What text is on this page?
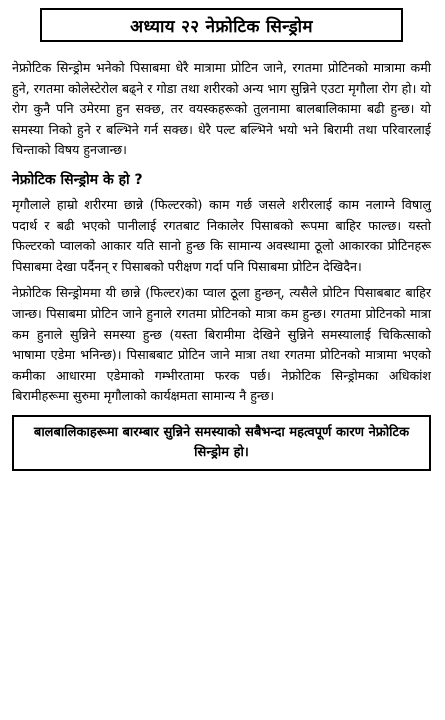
अध्याय २२ नेफ्रोटिक सिन्ड्रोम

नेफ्रोटिक सिन्ड्रोम भनेको पिसाबमा धेरै मात्रामा प्रोटिन जाने, रगतमा प्रोटिनको मात्रामा कमी हुने, रगतमा कोलेस्टेरोल बढ्ने र गोडा तथा शरीरको अन्य भाग सुन्निने एउटा मृगौला रोग हो। यो रोग कुनै पनि उमेरमा हुन सक्छ, तर वयस्कहरूको तुलनामा बालबालिकामा बढी हुन्छ। यो समस्या निको हुने र बल्भिने गर्न सक्छ। धेरै पल्ट बल्भिने भयो भने बिरामी तथा परिवारलाई चिन्ताको विषय हुनजान्छ।

नेफ्रोटिक सिन्ड्रोम के हो ?

मृगौलाले हाम्रो शरीरमा छान्ने (फिल्टरको) काम गर्छ जसले शरीरलाई काम नलाग्ने विषालु पदार्थ र बढी भएको पानीलाई रगतबाट निकालेर पिसाबको रूपमा बाहिर फाल्छ। यस्तो फिल्टरको प्वालको आकार यति सानो हुन्छ कि सामान्य अवस्थामा ठूलो आकारका प्रोटिनहरू पिसाबमा देखा पर्दैनन् र पिसाबको परीक्षण गर्दा पनि पिसाबमा प्रोटिन देखिदैन।

नेफ्रोटिक सिन्ड्रोममा यी छान्ने (फिल्टर)का प्वाल ठूला हुन्छन्, त्यसैले प्रोटिन पिसाबबाट बाहिर जान्छ। पिसाबमा प्रोटिन जाने हुनाले रगतमा प्रोटिनको मात्रा कम हुन्छ। रगतमा प्रोटिनको मात्रा कम हुनाले सुन्निने समस्या हुन्छ (यस्ता बिरामीमा देखिने सुन्निने समस्यालाई चिकित्साको भाषामा एडेमा भनिन्छ)। पिसाबबाट प्रोटिन जाने मात्रा तथा रगतमा प्रोटिनको मात्रामा भएको कमीका आधारमा एडेमाको गम्भीरतामा फरक पर्छ। नेफ्रोटिक सिन्ड्रोमका अधिकांश बिरामीहरूमा सुरुमा मृगौलाको कार्यक्षमता सामान्य नै हुन्छ।

बालबालिकाहरूमा बारम्बार सुन्निने समस्याको सबैभन्दा महत्वपूर्ण कारण नेफ्रोटिक सिन्ड्रोम हो।
